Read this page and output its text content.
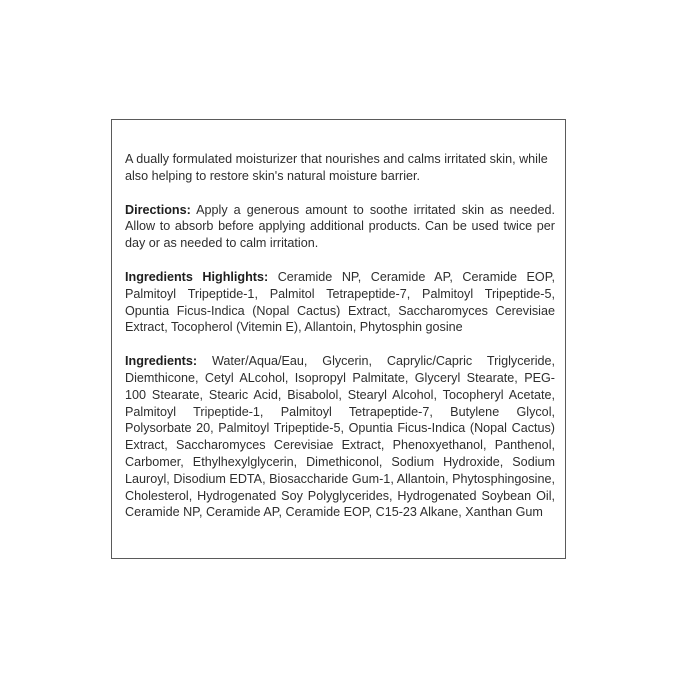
A dually formulated moisturizer that nourishes and calms irritated skin, while also helping to restore skin's natural moisture barrier.

Directions: Apply a generous amount to soothe irritated skin as needed. Allow to absorb before applying additional products. Can be used twice per day or as needed to calm irritation.

Ingredients Highlights: Ceramide NP, Ceramide AP, Ceramide EOP, Palmitoyl Tripeptide-1, Palmitol Tetrapeptide-7, Palmitoyl Tripeptide-5, Opuntia Ficus-Indica (Nopal Cactus) Extract, Saccharomyces Cerevisiae Extract, Tocopherol (Vitemin E), Allantoin, Phytosphin gosine

Ingredients: Water/Aqua/Eau, Glycerin, Caprylic/Capric Triglyceride, Diemthicone, Cetyl ALcohol, Isopropyl Palmitate, Glyceryl Stearate, PEG-100 Stearate, Stearic Acid, Bisabolol, Stearyl Alcohol, Tocopheryl Acetate, Palmitoyl Tripeptide-1, Palmitoyl Tetrapeptide-7, Butylene Glycol, Polysorbate 20, Palmitoyl Tripeptide-5, Opuntia Ficus-Indica (Nopal Cactus) Extract, Saccharomyces Cerevisiae Extract, Phenoxyethanol, Panthenol, Carbomer, Ethylhexylglycerin, Dimethiconol, Sodium Hydroxide, Sodium Lauroyl, Disodium EDTA, Biosaccharide Gum-1, Allantoin, Phytosphingosine, Cholesterol, Hydrogenated Soy Polyglycerides, Hydrogenated Soybean Oil, Ceramide NP, Ceramide AP, Ceramide EOP, C15-23 Alkane, Xanthan Gum
